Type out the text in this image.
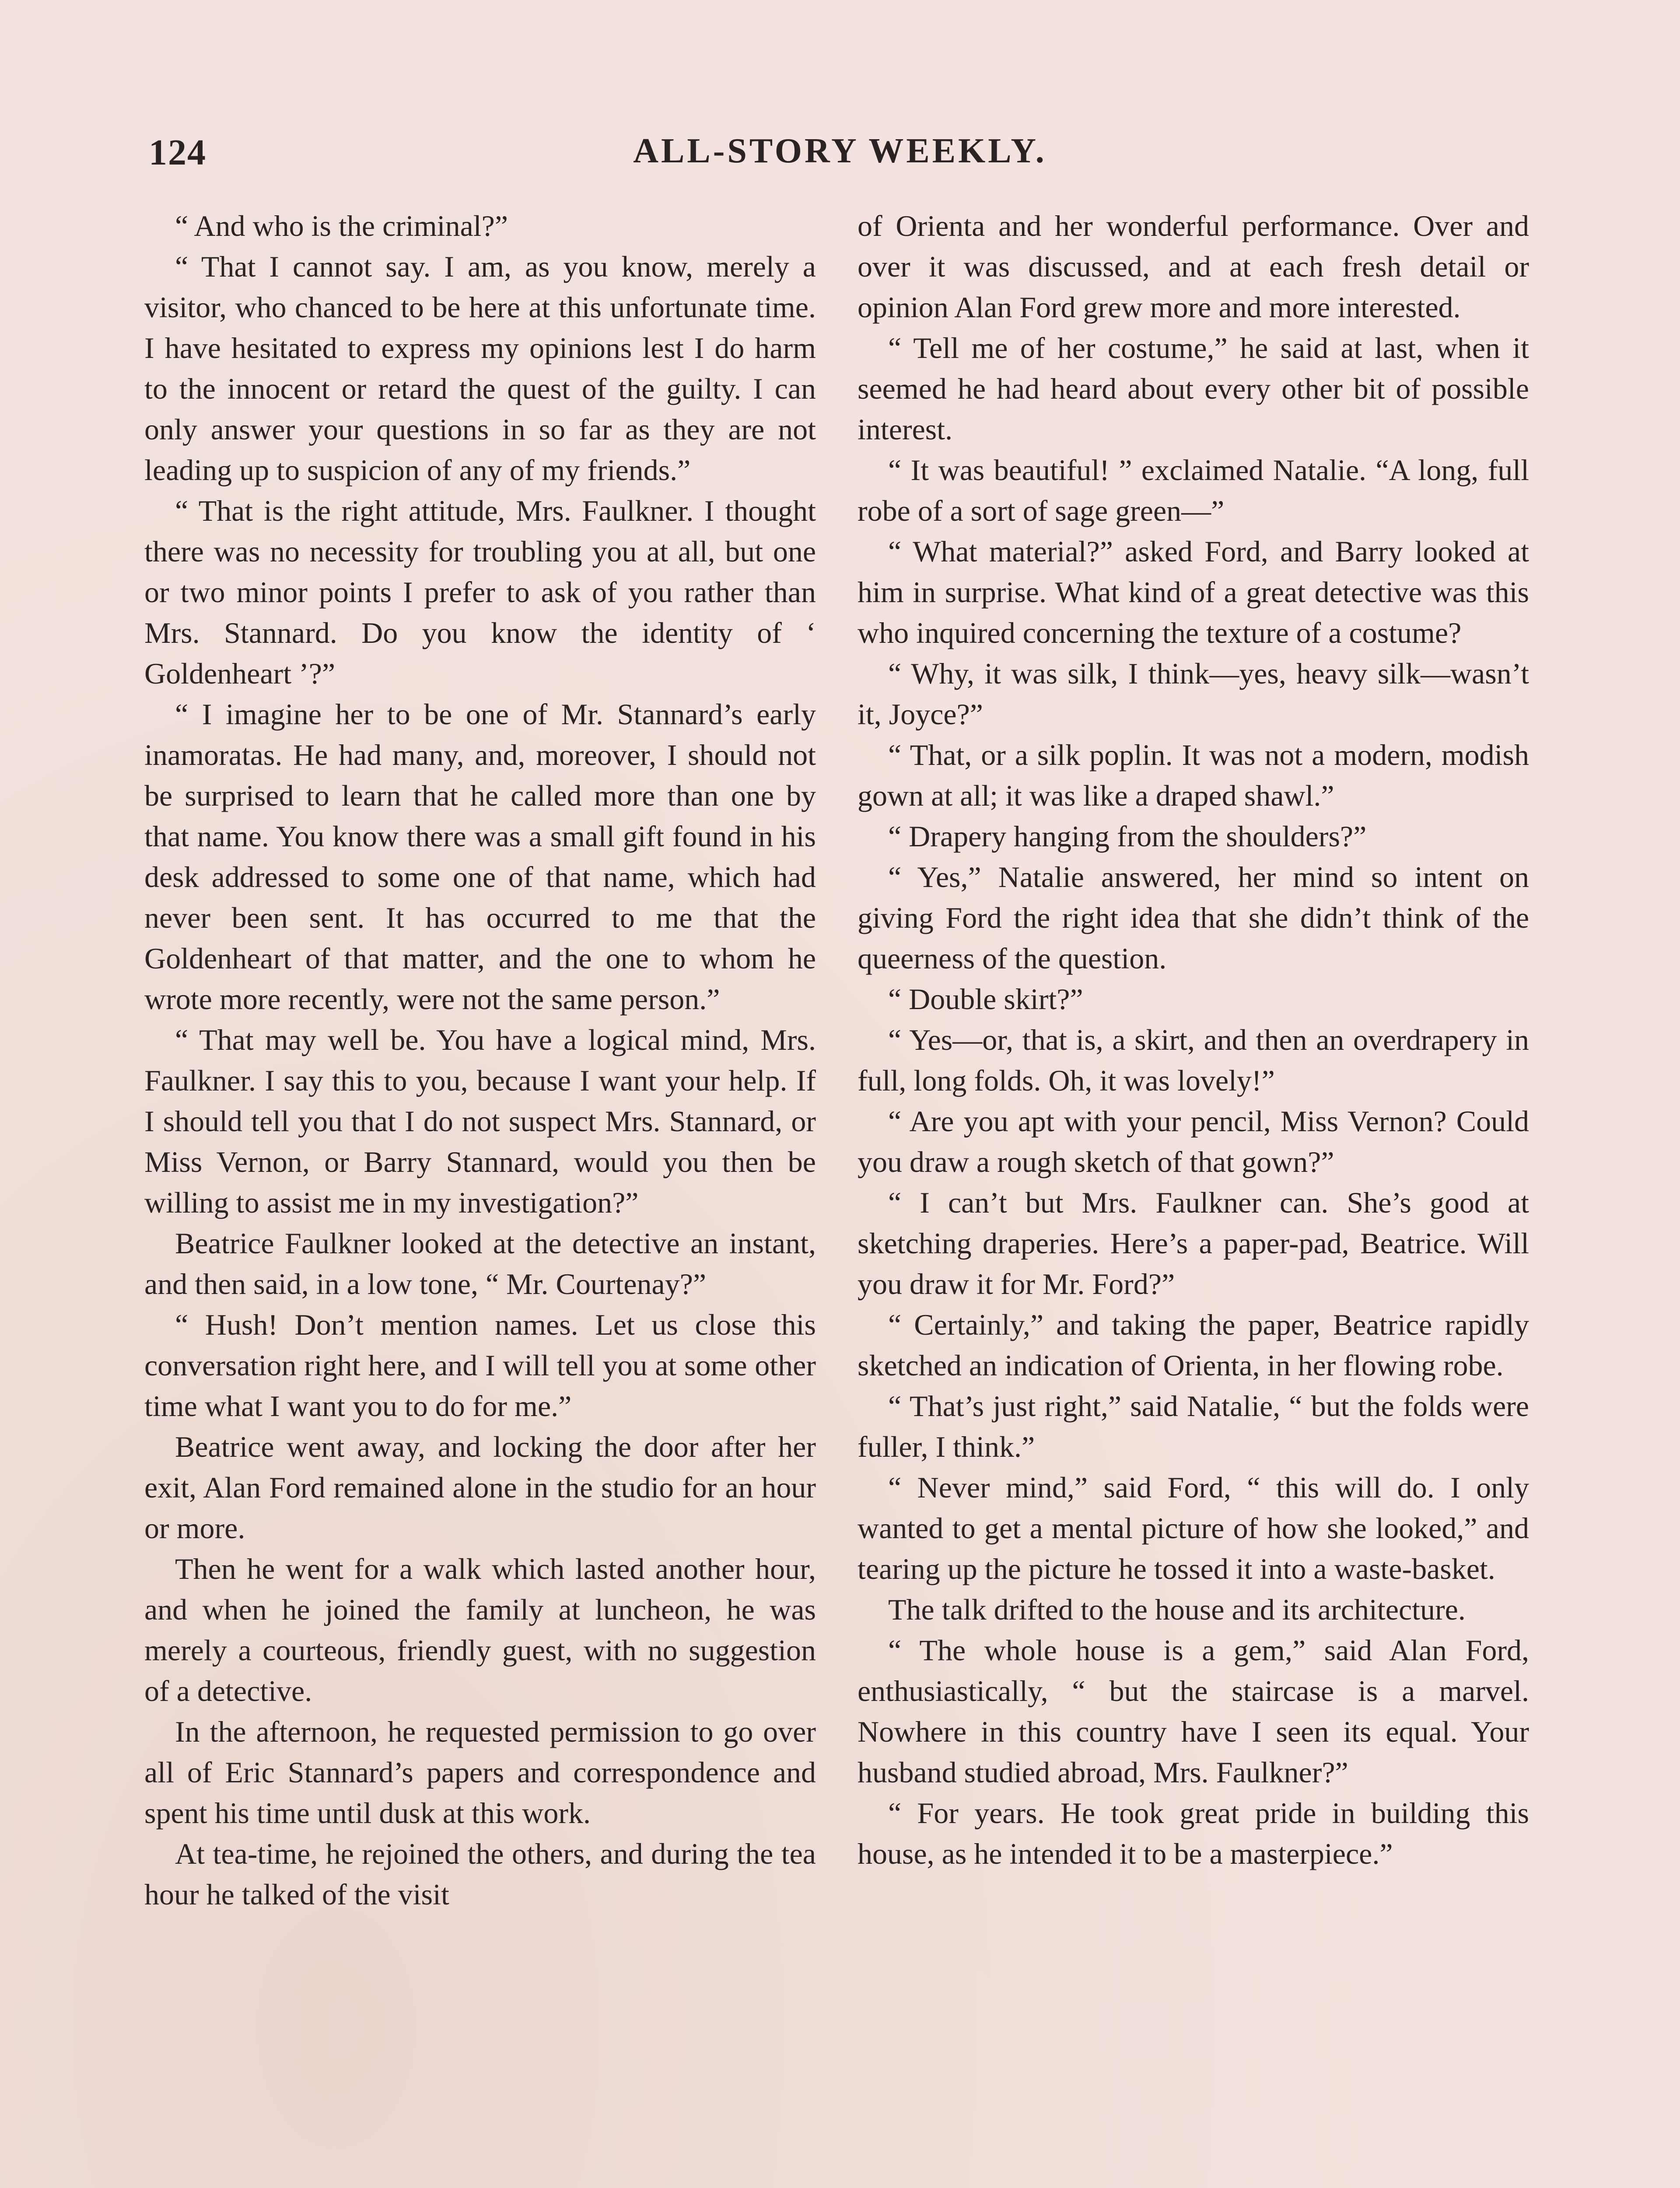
124	ALL-STORY WEEKLY.

“ And who is the criminal?”

“ That I cannot say. I am, as you know, merely a visitor, who chanced to be here at this unfortunate time. I have hesitated to express my opinions lest I do harm to the innocent or retard the quest of the guilty. I can only answer your questions in so far as they are not leading up to suspicion of any of my friends.”

“ That is the right attitude, Mrs. Faulkner. I thought there was no necessity for troubling you at all, but one or two minor points I prefer to ask of you rather than Mrs. Stannard. Do you know the identity of ‘ Goldenheart ’?”

“ I imagine her to be one of Mr. Stannard’s early inamoratas. He had many, and, moreover, I should not be surprised to learn that he called more than one by that name. You know there was a small gift found in his desk addressed to some one of that name, which had never been sent. It has occurred to me that the Goldenheart of that matter, and the one to whom he wrote more recently, were not the same person.”

“ That may well be. You have a logical mind, Mrs. Faulkner. I say this to you, because I want your help. If I should tell you that I do not suspect Mrs. Stannard, or Miss Vernon, or Barry Stannard, would you then be willing to assist me in my investigation?”

Beatrice Faulkner looked at the detective an instant, and then said, in a low tone, “ Mr. Courtenay?”

“ Hush! Don’t mention names. Let us close this conversation right here, and I will tell you at some other time what I want you to do for me.”

Beatrice went away, and locking the door after her exit, Alan Ford remained alone in the studio for an hour or more.

Then he went for a walk which lasted another hour, and when he joined the family at luncheon, he was merely a courteous, friendly guest, with no suggestion of a detective.

In the afternoon, he requested permission to go over all of Eric Stannard’s papers and correspondence and spent his time until dusk at this work.

At tea-time, he rejoined the others, and during the tea hour he talked of the visit

of Orienta and her wonderful performance. Over and over it was discussed, and at each fresh detail or opinion Alan Ford grew more and more interested.

“ Tell me of her costume,” he said at last, when it seemed he had heard about every other bit of possible interest.

“ It was beautiful! ” exclaimed Natalie. “A long, full robe of a sort of sage green—”

“ What material?” asked Ford, and Barry looked at him in surprise. What kind of a great detective was this who inquired concerning the texture of a costume?

“ Why, it was silk, I think—yes, heavy silk—wasn’t it, Joyce?”

“ That, or a silk poplin. It was not a modern, modish gown at all; it was like a draped shawl.”

“ Drapery hanging from the shoulders?”

“ Yes,” Natalie answered, her mind so intent on giving Ford the right idea that she didn’t think of the queerness of the question.

“ Double skirt?”

“ Yes—or, that is, a skirt, and then an overdrapery in full, long folds. Oh, it was lovely!”

“ Are you apt with your pencil, Miss Vernon? Could you draw a rough sketch of that gown?”

“ I can’t but Mrs. Faulkner can. She’s good at sketching draperies. Here’s a paper-pad, Beatrice. Will you draw it for Mr. Ford?”

“ Certainly,” and taking the paper, Beatrice rapidly sketched an indication of Orienta, in her flowing robe.

“ That’s just right,” said Natalie, “ but the folds were fuller, I think.”

“ Never mind,” said Ford, “ this will do. I only wanted to get a mental picture of how she looked,” and tearing up the picture he tossed it into a waste-basket.

The talk drifted to the house and its architecture.

“ The whole house is a gem,” said Alan Ford, enthusiastically, “ but the staircase is a marvel. Nowhere in this country have I seen its equal. Your husband studied abroad, Mrs. Faulkner?”

“ For years. He took great pride in building this house, as he intended it to be a masterpiece.”
